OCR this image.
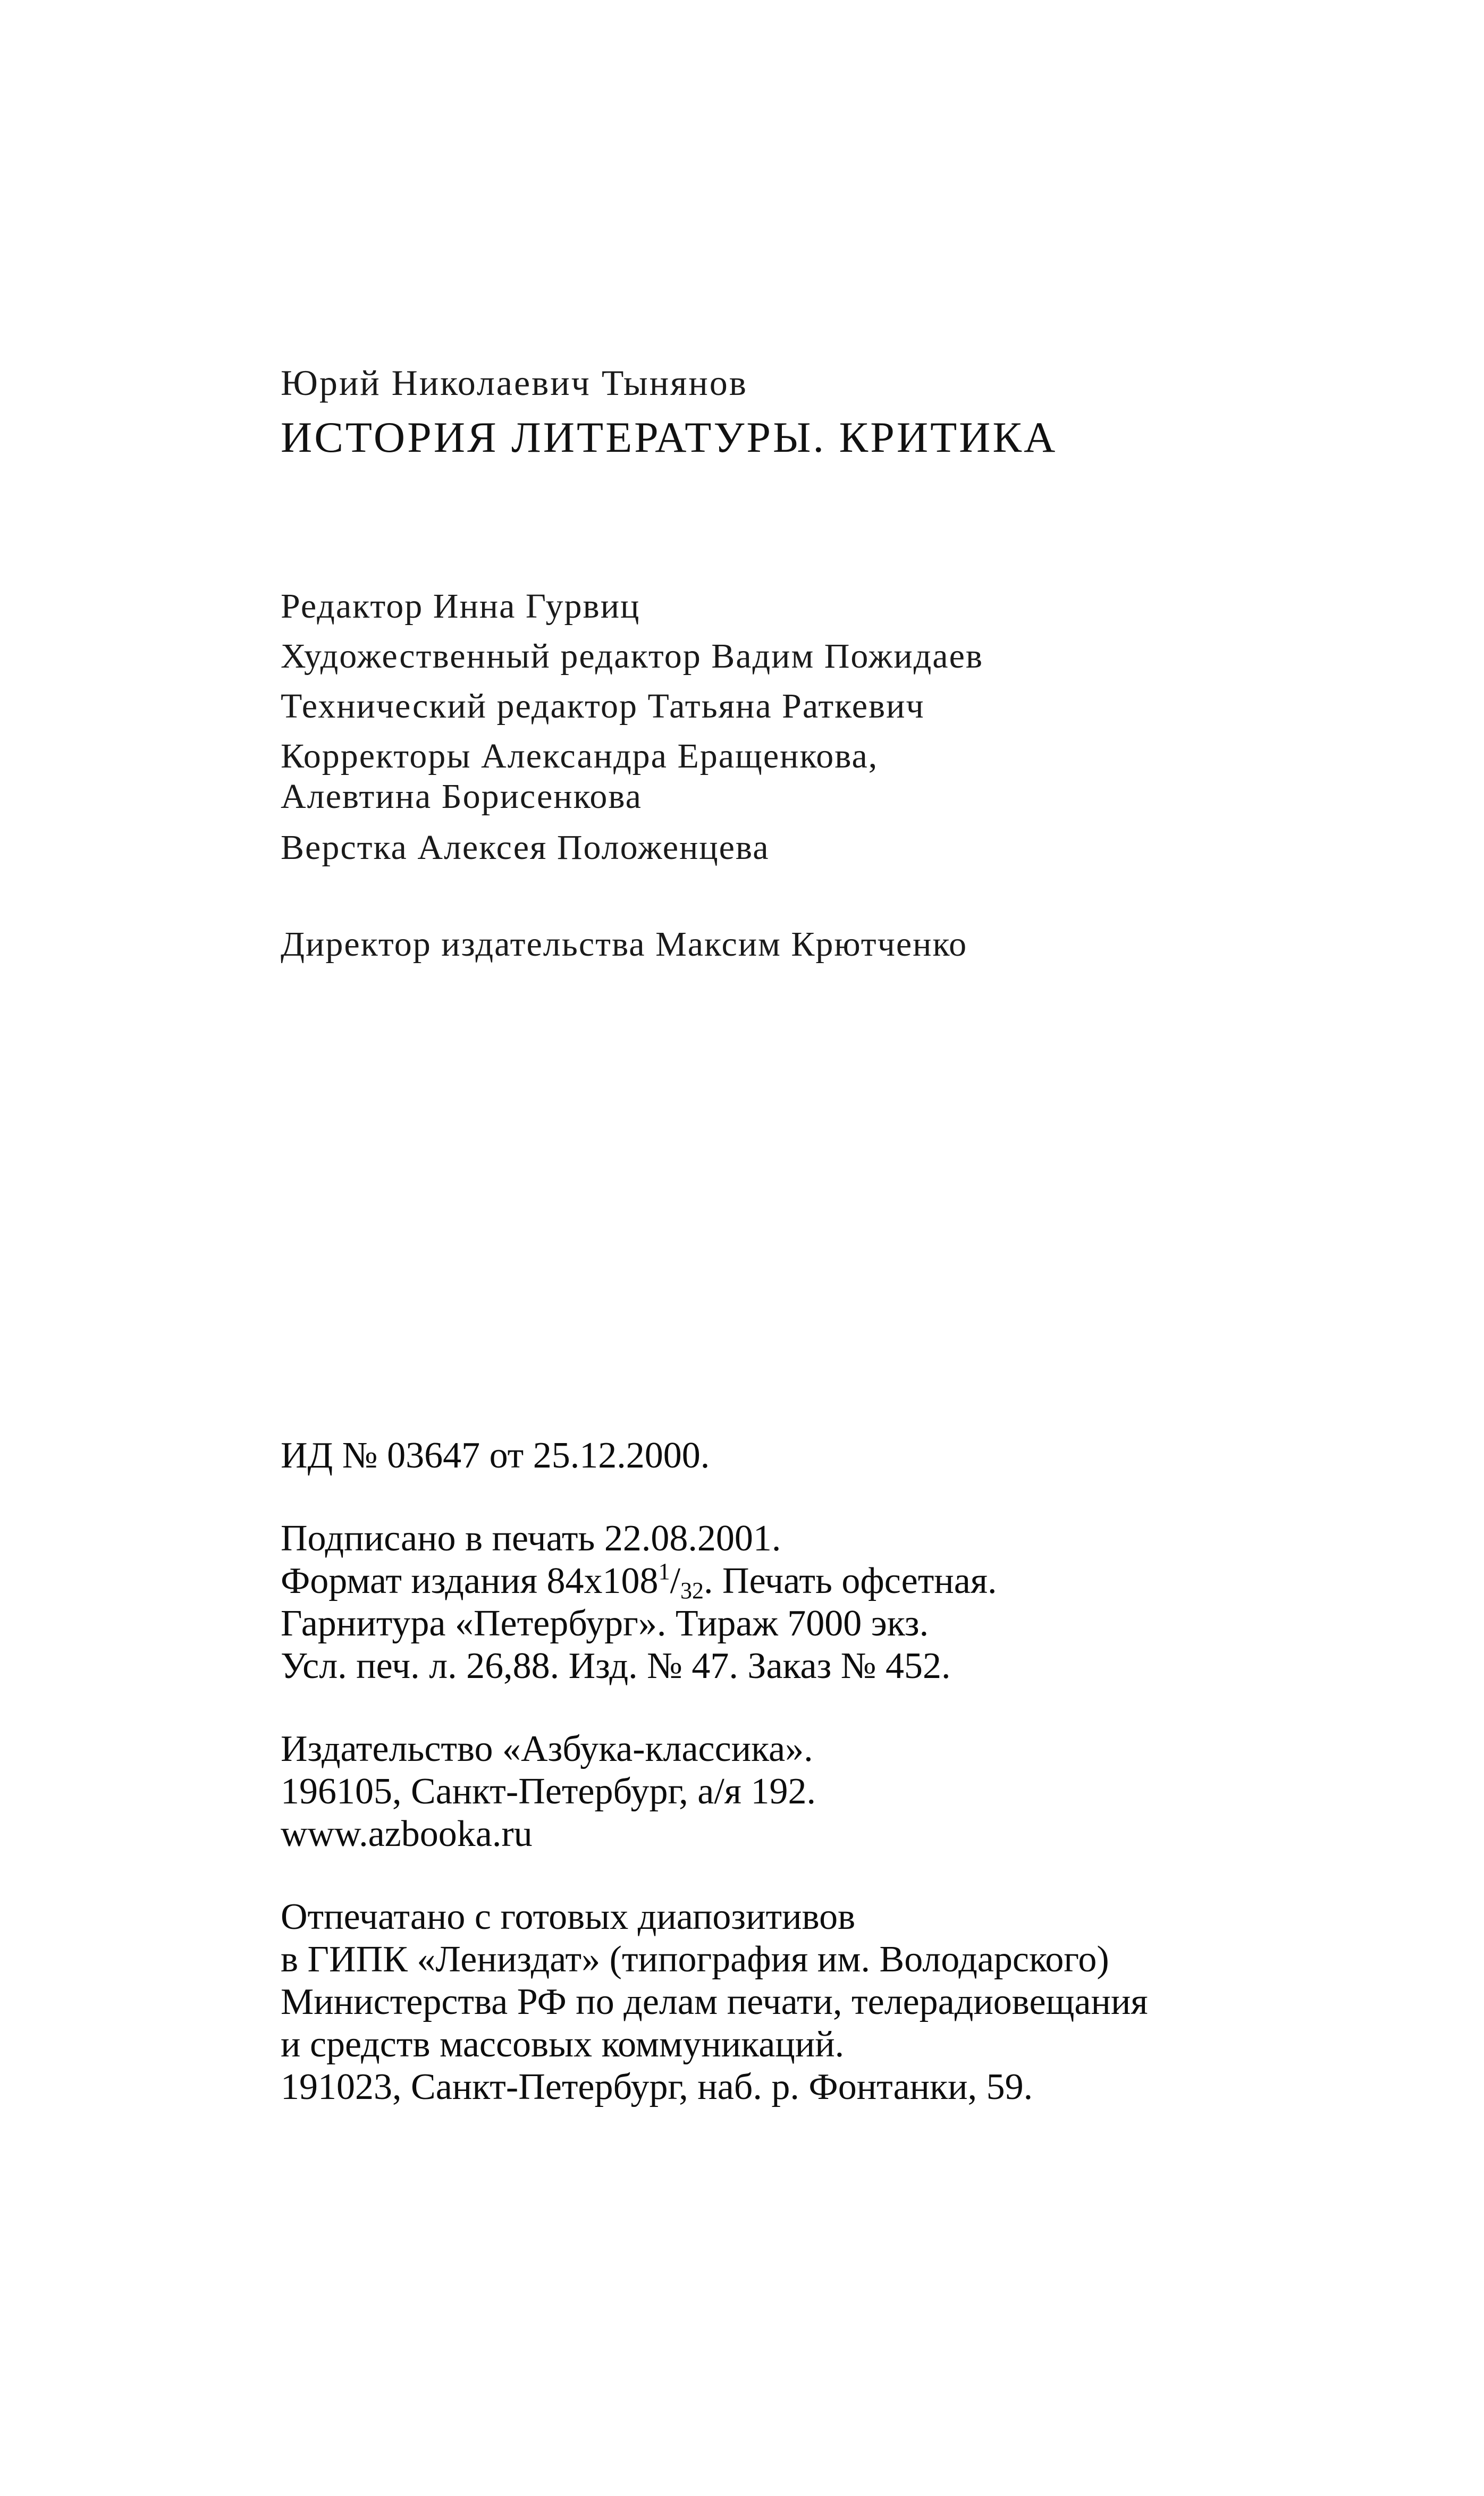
Юрий Николаевич Тынянов

ИСТОРИЯ ЛИТЕРАТУРЫ. КРИТИКА

Редактор Инна Гурвиц

Художественный редактор Вадим Пожидаев

Технический редактор Татьяна Раткевич

Корректоры Александра Еращенкова,

Алевтина Борисенкова

Верстка Алексея Положенцева

Директор издательства Максим Крютченко

ИД № 03647 от 25.12.2000.

Подписано в печать 22.08.2001.

Формат издания $84х108^1/_{32}$. Печать офсетная.

Гарнитура «Петербург». Тираж 7000 экз.

Усл. печ. л. 26,88. Изд. № 47. Заказ № 452.

Издательство «Азбука-классика».

196105, Санкт-Петербург, а/я 192.

www.azbooka.ru

Отпечатано с готовых диапозитивов

в ГИПК «Лениздат» (типография им. Володарского)

Министерства РФ по делам печати, телерадиовещания

и средств массовых коммуникаций.

191023, Санкт-Петербург, наб. р. Фонтанки, 59.
